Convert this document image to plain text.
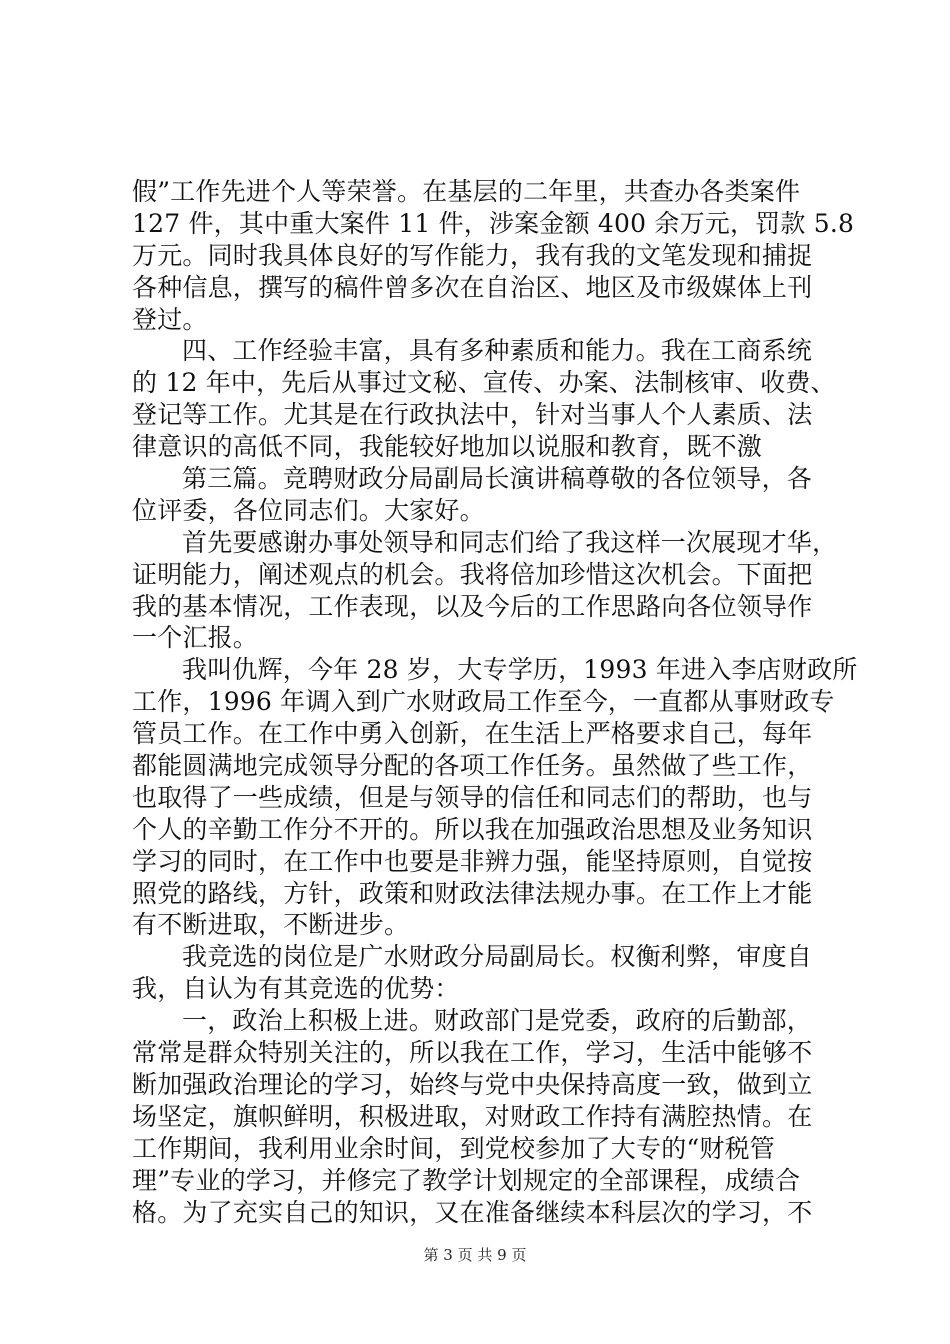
假”工作先进个人等荣誉。在基层的二年里，共查办各类案件
127 件，其中重大案件 11 件，涉案金额 400 余万元，罚款 5.8
万元。同时我具体良好的写作能力，我有我的文笔发现和捕捉
各种信息，撰写的稿件曾多次在自治区、地区及市级媒体上刊
登过。
四、工作经验丰富，具有多种素质和能力。我在工商系统
的 12 年中，先后从事过文秘、宣传、办案、法制核审、收费、
登记等工作。尤其是在行政执法中，针对当事人个人素质、法
律意识的高低不同，我能较好地加以说服和教育，既不激
第三篇。竞聘财政分局副局长演讲稿尊敬的各位领导，各
位评委，各位同志们。大家好。
首先要感谢办事处领导和同志们给了我这样一次展现才华，
证明能力，阐述观点的机会。我将倍加珍惜这次机会。下面把
我的基本情况，工作表现，以及今后的工作思路向各位领导作
一个汇报。
我叫仇辉，今年 28 岁，大专学历，1993 年进入李店财政所
工作，1996 年调入到广水财政局工作至今，一直都从事财政专
管员工作。在工作中勇入创新，在生活上严格要求自己，每年
都能圆满地完成领导分配的各项工作任务。虽然做了些工作，
也取得了一些成绩，但是与领导的信任和同志们的帮助，也与
个人的辛勤工作分不开的。所以我在加强政治思想及业务知识
学习的同时，在工作中也要是非辨力强，能坚持原则，自觉按
照党的路线，方针，政策和财政法律法规办事。在工作上才能
有不断进取，不断进步。
我竞选的岗位是广水财政分局副局长。权衡利弊，审度自
我，自认为有其竞选的优势：
一，政治上积极上进。财政部门是党委，政府的后勤部，
常常是群众特别关注的，所以我在工作，学习，生活中能够不
断加强政治理论的学习，始终与党中央保持高度一致，做到立
场坚定，旗帜鲜明，积极进取，对财政工作持有满腔热情。在
工作期间，我利用业余时间，到党校参加了大专的“财税管
理”专业的学习，并修完了教学计划规定的全部课程，成绩合
格。为了充实自己的知识，又在准备继续本科层次的学习，不
第 3 页 共 9 页
